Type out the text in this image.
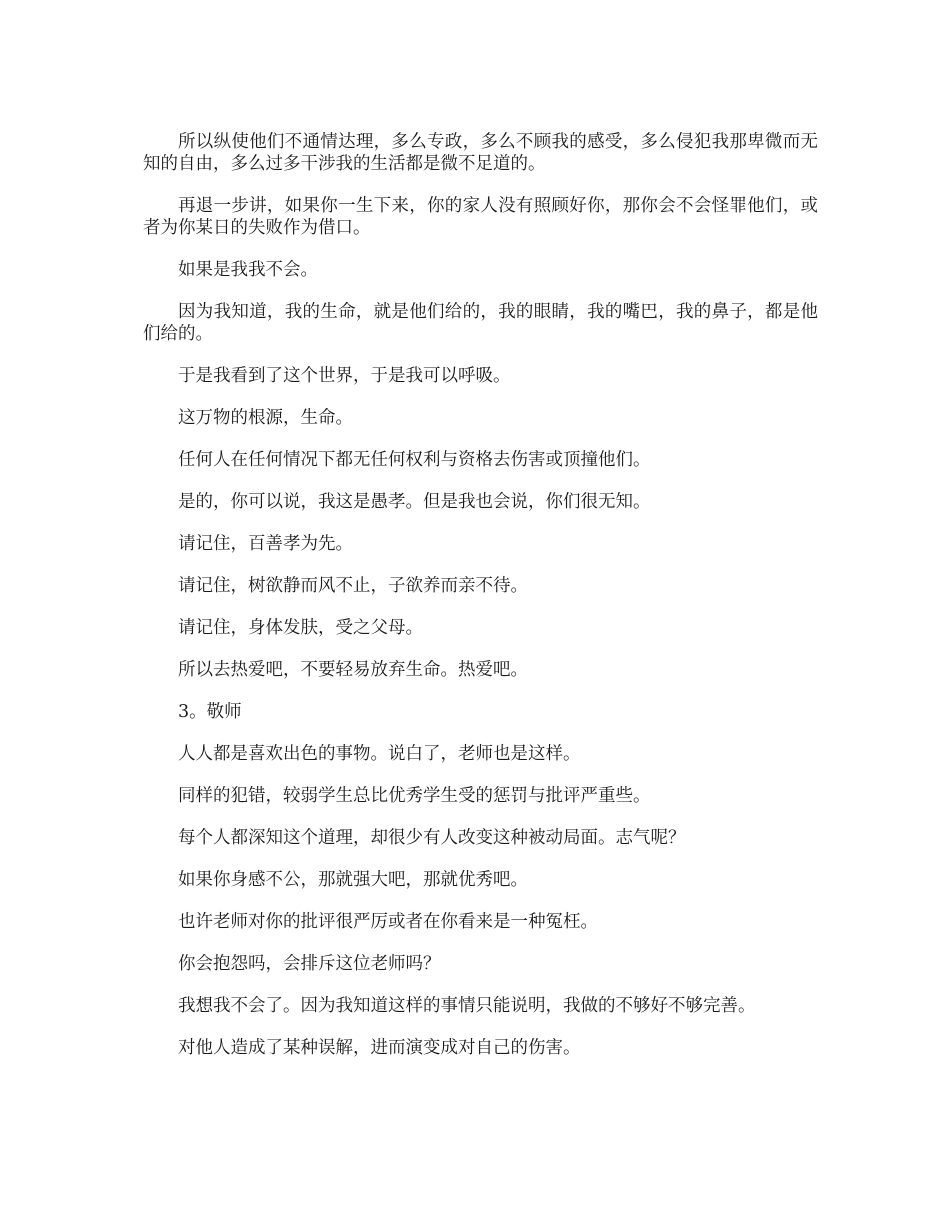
所以纵使他们不通情达理，多么专政，多么不顾我的感受，多么侵犯我那卑微而无知的自由，多么过多干涉我的生活都是微不足道的。

再退一步讲，如果你一生下来，你的家人没有照顾好你，那你会不会怪罪他们，或者为你某日的失败作为借口。

如果是我我不会。

因为我知道，我的生命，就是他们给的，我的眼睛，我的嘴巴，我的鼻子，都是他们给的。

于是我看到了这个世界，于是我可以呼吸。

这万物的根源，生命。

任何人在任何情况下都无任何权利与资格去伤害或顶撞他们。

是的，你可以说，我这是愚孝。但是我也会说，你们很无知。

请记住，百善孝为先。

请记住，树欲静而风不止，子欲养而亲不待。

请记住，身体发肤，受之父母。

所以去热爱吧，不要轻易放弃生命。热爱吧。

3。敬师

人人都是喜欢出色的事物。说白了，老师也是这样。

同样的犯错，较弱学生总比优秀学生受的惩罚与批评严重些。

每个人都深知这个道理，却很少有人改变这种被动局面。志气呢？

如果你身感不公，那就强大吧，那就优秀吧。

也许老师对你的批评很严厉或者在你看来是一种冤枉。

你会抱怨吗，会排斥这位老师吗？

我想我不会了。因为我知道这样的事情只能说明，我做的不够好不够完善。

对他人造成了某种误解，进而演变成对自己的伤害。
